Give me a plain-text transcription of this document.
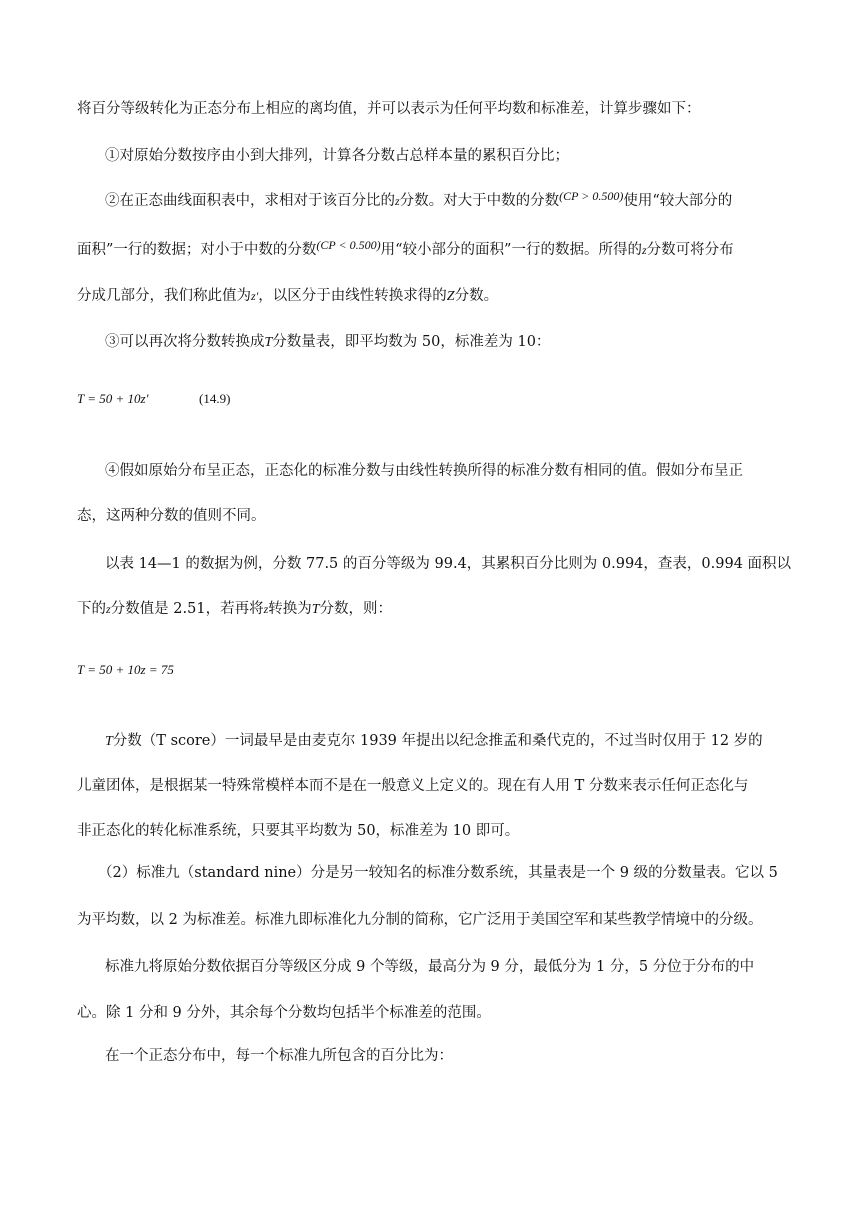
将百分等级转化为正态分布上相应的离均值，并可以表示为任何平均数和标准差，计算步骤如下：
①对原始分数按序由小到大排列，计算各分数占总样本量的累积百分比；
②在正态曲线面积表中，求相对于该百分比的z分数。对大于中数的分数$^{(CP > 0.500)}$使用“较大部分的
面积”一行的数据；对小于中数的分数$^{(CP < 0.500)}$用“较小部分的面积”一行的数据。所得的z分数可将分布
分成几部分，我们称此值为z′，以区分于由线性转换求得的Z分数。
③可以再次将分数转换成T分数量表，即平均数为 50，标准差为 10：
T = 50 + 10z′	(14.9)
④假如原始分布呈正态，正态化的标准分数与由线性转换所得的标准分数有相同的值。假如分布呈正
态，这两种分数的值则不同。
以表 14—1 的数据为例，分数 77.5 的百分等级为 99.4，其累积百分比则为 0.994，查表，0.994 面积以
下的z分数值是 2.51，若再将z转换为T分数，则：
T = 50 + 10z = 75
T分数（T score）一词最早是由麦克尔 1939 年提出以纪念推孟和桑代克的，不过当时仅用于 12 岁的
儿童团体，是根据某一特殊常模样本而不是在一般意义上定义的。现在有人用 T 分数来表示任何正态化与
非正态化的转化标准系统，只要其平均数为 50，标准差为 10 即可。
（2）标准九（standard nine）分是另一较知名的标准分数系统，其量表是一个 9 级的分数量表。它以 5
为平均数，以 2 为标准差。标准九即标准化九分制的简称，它广泛用于美国空军和某些教学情境中的分级。
标准九将原始分数依据百分等级区分成 9 个等级，最高分为 9 分，最低分为 1 分，5 分位于分布的中
心。除 1 分和 9 分外，其余每个分数均包括半个标准差的范围。
在一个正态分布中，每一个标准九所包含的百分比为：
